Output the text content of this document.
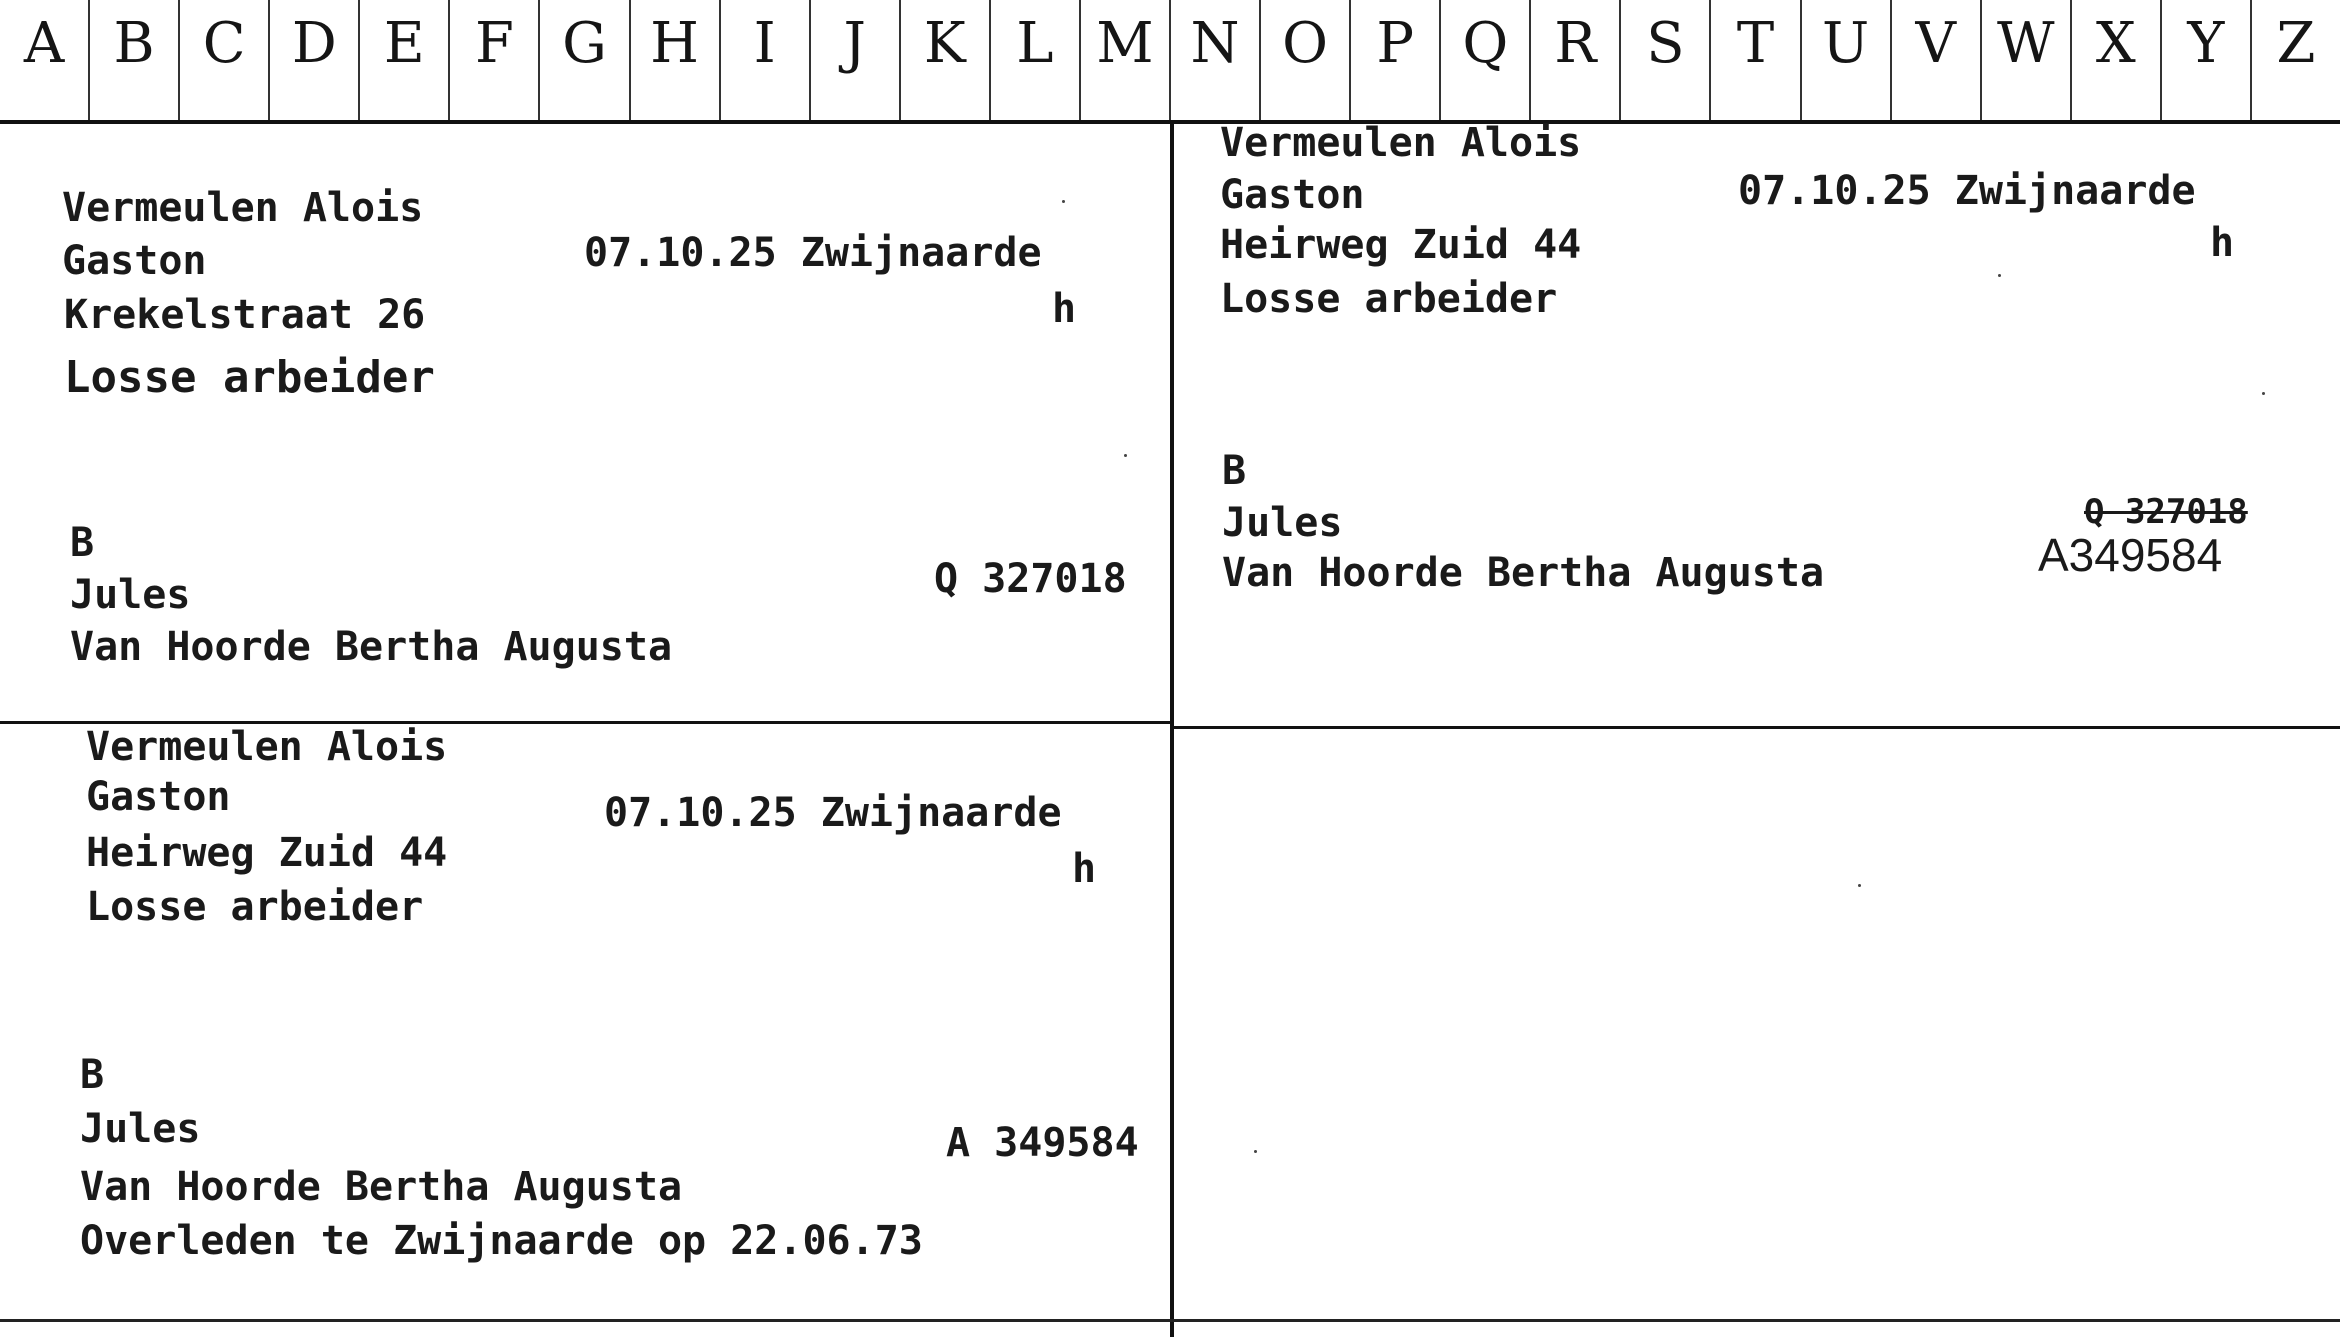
A B C D E F G H I	J	K L M N O P Q R S T U V W X Y Z
Vermeulen Alois
Gaston	07.10.25 Zwijnaarde
Krekelstraat 26	h
Losse arbeider
B
Jules	Q 327018
Van Hoorde Bertha Augusta
Vermeulen Alois
Gaston	07.10.25 Zwijnaarde
Heirweg Zuid 44	h
Losse arbeider
B
Jules	Q 327018
A349584
Van Hoorde Bertha Augusta
Vermeulen Alois
Gaston	07.10.25 Zwijnaarde
Heirweg Zuid 44	h
Losse arbeider
B
Jules	A 349584
Van Hoorde Bertha Augusta
Overleden te Zwijnaarde op 22.06.73
